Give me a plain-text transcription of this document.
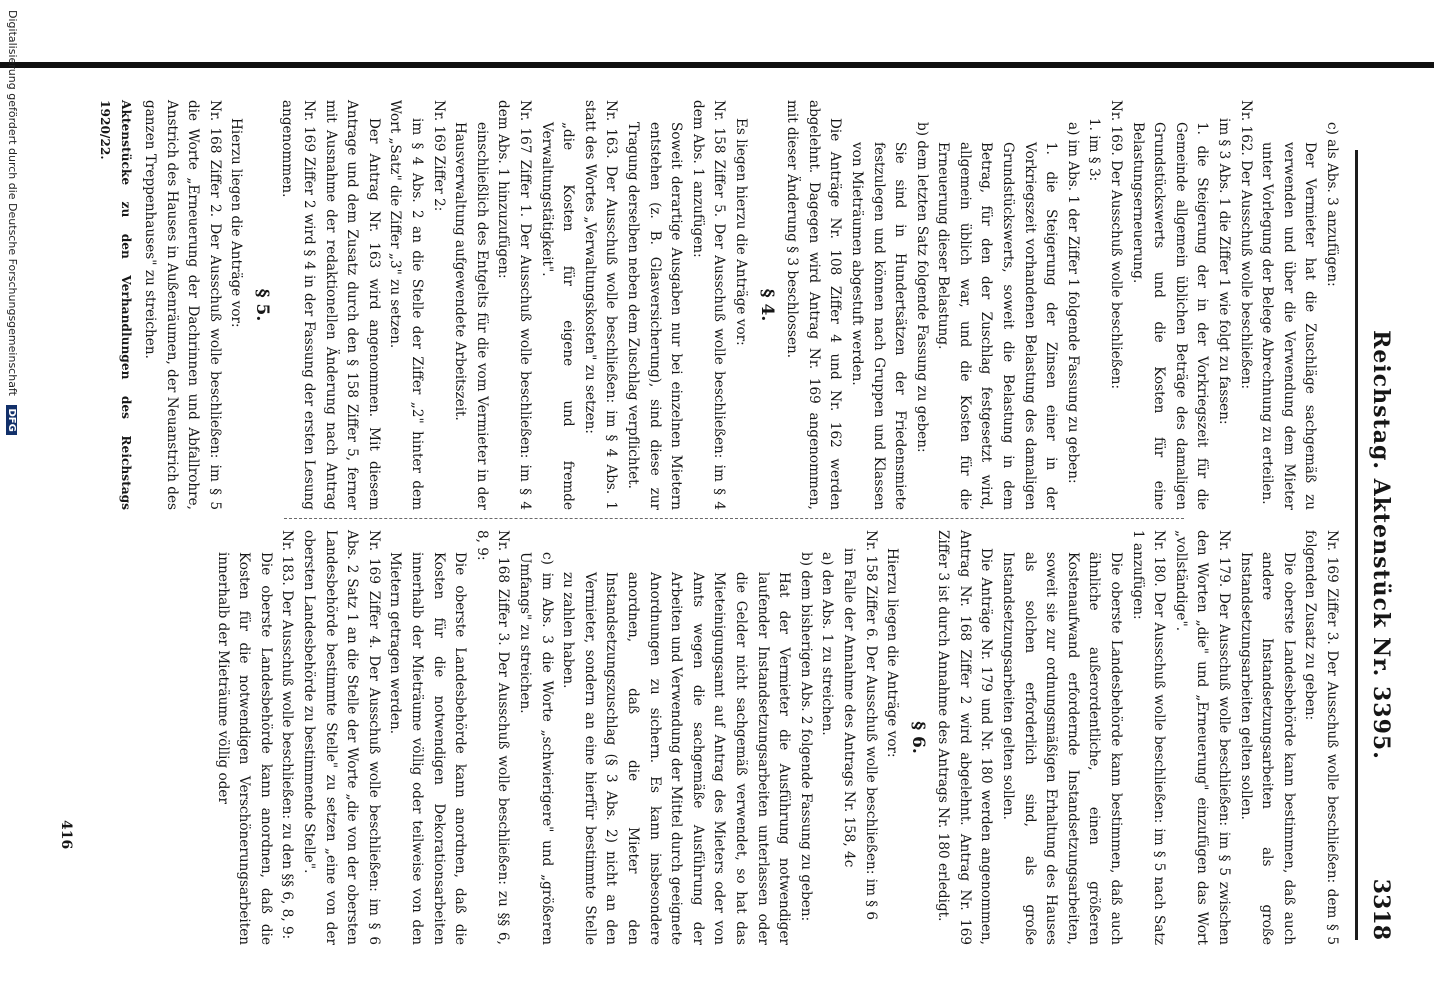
Reichstag. Aktenstück Nr. 3395.
3318

c) als Abs. 3 anzufügen:

Der Vermieter hat die Zuschläge sachgemäß zu verwenden und über die Verwendung dem Mieter unter Vorlegung der Belege Abrechnung zu erteilen.

Nr. 162. Der Ausschuß wolle beschließen:

im § 3 Abs. 1 die Ziffer 1 wie folgt zu fassen:

1. die Steigerung der in der Vorkriegszeit für die Gemeinde allgemein üblichen Beträge des damaligen Grundstückswerts und die Kosten für eine Belastungserneuerung.

Nr. 169. Der Ausschuß wolle beschließen:

1. im § 3:

a) im Abs. 1 der Ziffer 1 folgende Fassung zu geben:

1. die Steigerung der Zinsen einer in der Vorkriegszeit vorhandenen Belastung des damaligen Grundstückswerts, soweit die Belastung in dem Betrag, für den der Zuschlag festgesetzt wird, allgemein üblich war, und die Kosten für die Erneuerung dieser Belastung.

b) dem letzten Satz folgende Fassung zu geben:

Sie sind in Hundertsätzen der Friedensmiete festzulegen und können nach Gruppen und Klassen von Mieträumen abgestuft werden.

Die Anträge Nr. 108 Ziffer 4 und Nr. 162 werden abgelehnt. Dagegen wird Antrag Nr. 169 angenommen, mit dieser Änderung § 3 beschlossen.

§ 4.

Es liegen hierzu die Anträge vor:

Nr. 158 Ziffer 5. Der Ausschuß wolle beschließen: im § 4 dem Abs. 1 anzufügen:

Soweit derartige Ausgaben nur bei einzelnen Mietern entstehen (z. B. Glasversicherung), sind diese zur Tragung derselben neben dem Zuschlag verpflichtet.

Nr. 163. Der Ausschuß wolle beschließen: im § 4 Abs. 1 statt des Wortes „Verwaltungskosten" zu setzen:

„die Kosten für eigene und fremde Verwaltungstätigkeit".

Nr. 167 Ziffer 1. Der Ausschuß wolle beschließen: im § 4 dem Abs. 1 hinzuzufügen:

einschließlich des Entgelts für die vom Vermieter in der Hausverwaltung aufgewendete Arbeitszeit.

Nr. 169 Ziffer 2:

im § 4 Abs. 2 an die Stelle der Ziffer „2" hinter dem Wort „Satz" die Ziffer „3" zu setzen.

Der Antrag Nr. 163 wird angenommen. Mit diesem Antrage und dem Zusatz durch den § 158 Ziffer 5, ferner mit Ausnahme der redaktionellen Änderung nach Antrag Nr. 169 Ziffer 2 wird § 4 in der Fassung der ersten Lesung angenommen.

§ 5.

Hierzu liegen die Anträge vor:

Nr. 168 Ziffer 2. Der Ausschuß wolle beschließen: im § 5 die Worte „Erneuerung der Dachrinnen und Abfallrohre, Anstrich des Hauses in Außenräumen, der Neuanstrich des ganzen Treppenhauses" zu streichen.

Aktenstücke zu den Verhandlungen des Reichstags 1920/22.

Nr. 169 Ziffer 3. Der Ausschuß wolle beschließen: dem § 5 folgenden Zusatz zu geben:

Die oberste Landesbehörde kann bestimmen, daß auch andere Instandsetzungsarbeiten als große Instandsetzungsarbeiten gelten sollen.

Nr. 179. Der Ausschuß wolle beschließen: im § 5 zwischen den Worten „die" und „Erneuerung" einzufügen das Wort „vollständige".

Nr. 180. Der Ausschuß wolle beschließen: im § 5 nach Satz 1 anzufügen:

Die oberste Landesbehörde kann bestimmen, daß auch ähnliche außerordentliche, einen größeren Kostenaufwand erfordernde Instandsetzungsarbeiten, soweit sie zur ordnungsmäßigen Erhaltung des Hauses als solchen erforderlich sind, als große Instandsetzungsarbeiten gelten sollen.

Die Anträge Nr. 179 und Nr. 180 werden angenommen, Antrag Nr. 168 Ziffer 2 wird abgelehnt. Antrag Nr. 169 Ziffer 3 ist durch Annahme des Antrags Nr. 180 erledigt.

§ 6.

Hierzu liegen die Anträge vor:

Nr. 158 Ziffer 6. Der Ausschuß wolle beschließen: im § 6

im Falle der Annahme des Antrags Nr. 158, 4c

a) den Abs. 1 zu streichen.

b) dem bisherigen Abs. 2 folgende Fassung zu geben:

Hat der Vermieter die Ausführung notwendiger laufender Instandsetzungsarbeiten unterlassen oder die Gelder nicht sachgemäß verwendet, so hat das Mieteinigungsamt auf Antrag des Mieters oder von Amts wegen die sachgemäße Ausführung der Arbeiten und Verwendung der Mittel durch geeignete Anordnungen zu sichern. Es kann insbesondere anordnen, daß die Mieter den Instandsetzungszuschlag (§ 3 Abs. 2) nicht an den Vermieter, sondern an eine hierfür bestimmte Stelle zu zahlen haben.

c) im Abs. 3 die Worte „schwierigere" und „größeren Umfangs" zu streichen.

Nr. 168 Ziffer 3. Der Ausschuß wolle beschließen: zu §§ 6, 8, 9:

Die oberste Landesbehörde kann anordnen, daß die Kosten für die notwendigen Dekorationsarbeiten innerhalb der Mieträume völlig oder teilweise von den Mietern getragen werden.

Nr. 169 Ziffer 4. Der Ausschuß wolle beschließen: im § 6 Abs. 2 Satz 1 an die Stelle der Worte „die von der obersten Landesbehörde bestimmte Stelle" zu setzen „eine von der obersten Landesbehörde zu bestimmende Stelle".

Nr. 183. Der Ausschuß wolle beschließen: zu den §§ 6, 8, 9:

Die oberste Landesbehörde kann anordnen, daß die Kosten für die notwendigen Verschönerungsarbeiten innerhalb der Mieträume völlig oder

416
Digitalisierung gefördert durch die Deutsche Forschungsgemeinschaft DFG
